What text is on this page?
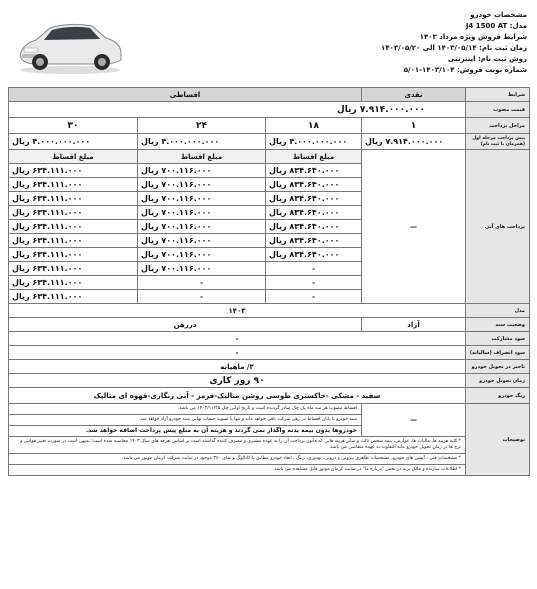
مشخصات خودرو
مدل: J4 1500 AT
شرایط فروش ویژه مرداد ۱۴۰۳
زمان ثبت نام: ۱۴۰۳/۰۵/۱۴ الی ۱۴۰۳/۰۵/۲۰
روش ثبت نام: اینترنتی
شماره نوبت فروش: ۱۴۰۳/۱۰۴-۵/۰۱
شرایط	نقدی	اقساطی		
قیمت مصوب	۷.۹۱۴.۰۰۰.۰۰۰ ریال			
مراحل پرداخت	۱	۱۸	۲۴	۳۰
پیش پرداخت مرحله اول (همزمان با ثبت نام)	۷.۹۱۴.۰۰۰.۰۰۰ ریال	۴.۰۰۰.۰۰۰.۰۰۰ ریال	۴.۰۰۰.۰۰۰.۰۰۰ ریال	۴.۰۰۰.۰۰۰.۰۰۰ ریال
پرداخت های آتی	—	مبلغ اقساط	مبلغ اقساط	مبلغ اقساط
		۸۳۴.۶۴۰.۰۰۰ ریال	۷۰۰.۱۱۶.۰۰۰ ریال	۶۳۴.۱۱۱.۰۰۰ ریال
		۸۳۴.۶۴۰.۰۰۰ ریال	۷۰۰.۱۱۶.۰۰۰ ریال	۶۳۴.۱۱۱.۰۰۰ ریال
		۸۳۴.۶۴۰.۰۰۰ ریال	۷۰۰.۱۱۶.۰۰۰ ریال	۶۳۴.۱۱۱.۰۰۰ ریال
		۸۳۴.۶۴۰.۰۰۰ ریال	۷۰۰.۱۱۶.۰۰۰ ریال	۶۳۴.۱۱۱.۰۰۰ ریال
		۸۳۴.۶۴۰.۰۰۰ ریال	۷۰۰.۱۱۶.۰۰۰ ریال	۶۳۴.۱۱۱.۰۰۰ ریال
		۸۳۴.۶۴۰.۰۰۰ ریال	۷۰۰.۱۱۶.۰۰۰ ریال	۶۳۴.۱۱۱.۰۰۰ ریال
		۸۳۴.۶۴۰.۰۰۰ ریال	۷۰۰.۱۱۶.۰۰۰ ریال	۶۳۴.۱۱۱.۰۰۰ ریال
		-	۷۰۰.۱۱۶.۰۰۰ ریال	۶۳۴.۱۱۱.۰۰۰ ریال
		-	-	۶۳۴.۱۱۱.۰۰۰ ریال
		-	-	۶۳۴.۱۱۱.۰۰۰ ریال
مدل	۱۴۰۳			
وضعیت سند	آزاد	دررهن		
سود مشارکت	-			
سود انصراف (سالیانه)	-			
تاخیر در تحویل خودرو	۳/ ماهیانه			
زمان تحویل خودرو	۹۰ روز کاری			
رنگ خودرو	سفید - مشکی -خاکستری طوسی روشن متالیک-قرمز - آبی زنگاری-قهوه ای متالیک			
توضیحات	—	اقساط مصوب هر سه ماه یک چک صادر گردیده است و تاریخ اولین چک ۱۴۰۳/۱۱/۲۵ می باشد.		
		سند خودرو تا پایان اقساط در رهن شرکت باقی خواهد ماند و تنها با تسویه حساب نهایی سند خودرو آزاد خواهد شد.		
		خودروها بدون بیمه بدنه واگذار نمی گردند و هزینه آن به مبلغ پیش پرداخت اضافه خواهد شد.		
	* کلیه هزینه ها، مالیات ها، عوارض، بیمه شخص ثالث و سایر هزینه هایی که قانون پرداخت آن را به عهده مشتری و مصرف کننده گذاشته است بر اساس تعرفه های سال ۱۴۰۳ محاسبه شده است؛ بدیهی است در صورت تغییر قوانین و نرخ ها در زمان تحویل خودرو مابه التفاوت به عهده متقاضی می باشد.			
	* مشخصات فنی ، آپشن های خودرو، مشخصات ظاهری بیرونی و درونی، تودوزی، رینگ ، ابعاد خودرو مطابق با کاتالوگ و نمای ۳۶۰ موجود در سایت شرکت کرمان موتور می باشد.			
	* اطلاعات سازنده و مالک برند در بخش "درباره ما" در سایت کرمان موتور قابل مشاهده می باشد.			
